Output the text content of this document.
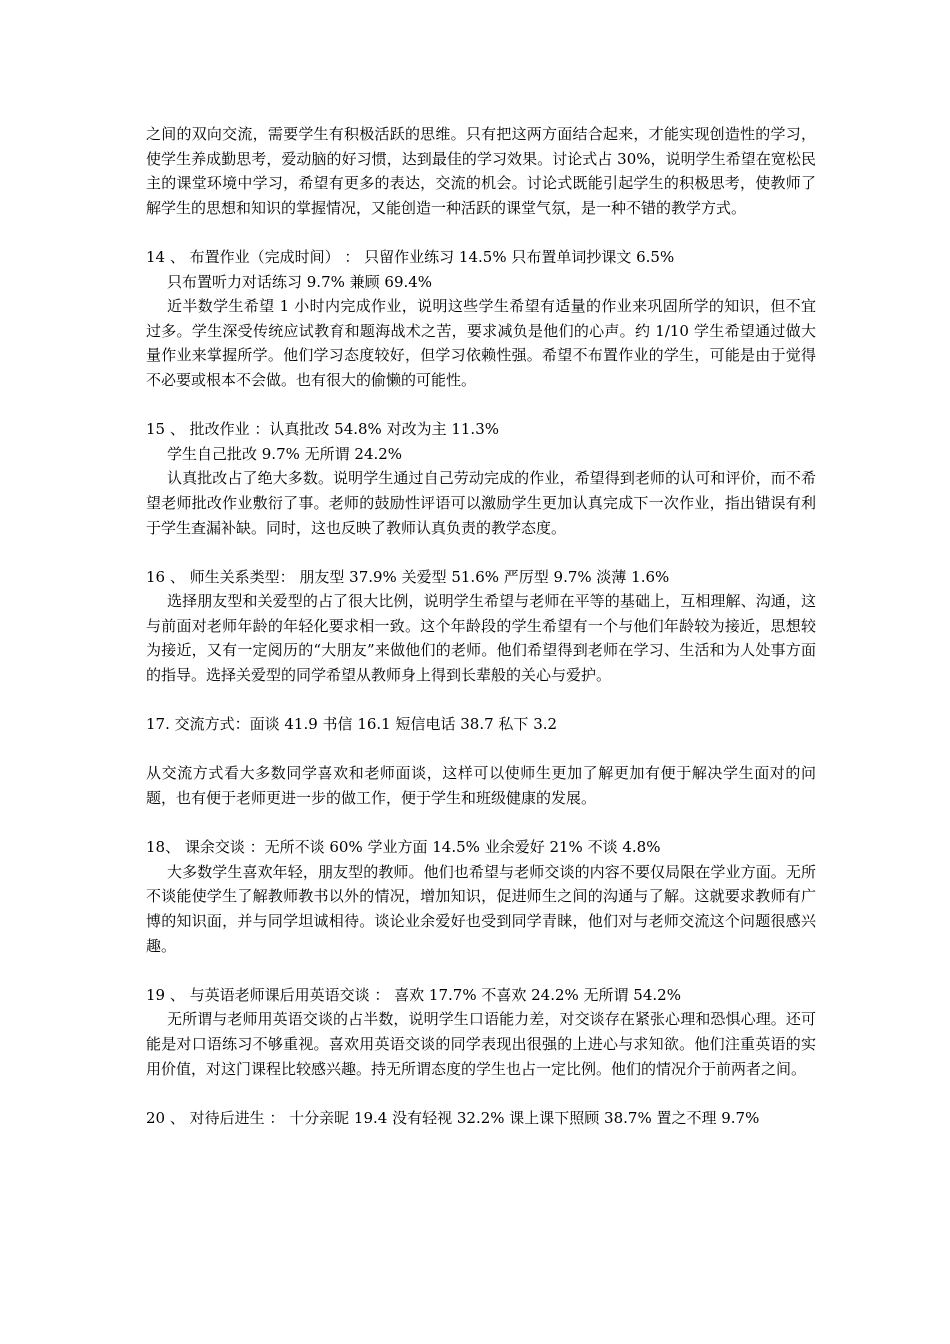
之间的双向交流，需要学生有积极活跃的思维。只有把这两方面结合起来，才能实现创造性的学习，使学生养成勤思考，爱动脑的好习惯，达到最佳的学习效果。讨论式占 30%，说明学生希望在宽松民主的课堂环境中学习，希望有更多的表达，交流的机会。讨论式既能引起学生的积极思考，使教师了解学生的思想和知识的掌握情况，又能创造一种活跃的课堂气氛，是一种不错的教学方式。

14 、 布置作业（完成时间） ： 只留作业练习 14.5% 只布置单词抄课文 6.5%

只布置听力对话练习 9.7% 兼顾 69.4%

近半数学生希望 1 小时内完成作业，说明这些学生希望有适量的作业来巩固所学的知识，但不宜过多。学生深受传统应试教育和题海战术之苦，要求减负是他们的心声。约 1/10 学生希望通过做大量作业来掌握所学。他们学习态度较好，但学习依赖性强。希望不布置作业的学生，可能是由于觉得不必要或根本不会做。也有很大的偷懒的可能性。

15 、 批改作业 ：认真批改 54.8% 对改为主 11.3%

学生自己批改 9.7% 无所谓 24.2%

认真批改占了绝大多数。说明学生通过自己劳动完成的作业，希望得到老师的认可和评价，而不希望老师批改作业敷衍了事。老师的鼓励性评语可以激励学生更加认真完成下一次作业，指出错误有利于学生查漏补缺。同时，这也反映了教师认真负责的教学态度。

16 、 师生关系类型： 朋友型 37.9% 关爱型 51.6% 严厉型 9.7% 淡薄 1.6%

选择朋友型和关爱型的占了很大比例，说明学生希望与老师在平等的基础上，互相理解、沟通，这与前面对老师年龄的年轻化要求相一致。这个年龄段的学生希望有一个与他们年龄较为接近，思想较为接近，又有一定阅历的“大朋友”来做他们的老师。他们希望得到老师在学习、生活和为人处事方面的指导。选择关爱型的同学希望从教师身上得到长辈般的关心与爱护。

17. 交流方式：面谈 41.9 书信 16.1 短信电话 38.7 私下 3.2

从交流方式看大多数同学喜欢和老师面谈，这样可以使师生更加了解更加有便于解决学生面对的问题，也有便于老师更进一步的做工作，便于学生和班级健康的发展。

18、 课余交谈 ：无所不谈 60% 学业方面 14.5% 业余爱好 21% 不谈 4.8%

大多数学生喜欢年轻，朋友型的教师。他们也希望与老师交谈的内容不要仅局限在学业方面。无所不谈能使学生了解教师教书以外的情况，增加知识，促进师生之间的沟通与了解。这就要求教师有广博的知识面，并与同学坦诚相待。谈论业余爱好也受到同学青睐，他们对与老师交流这个问题很感兴趣。

19 、 与英语老师课后用英语交谈 ： 喜欢 17.7% 不喜欢 24.2% 无所谓 54.2%

无所谓与老师用英语交谈的占半数，说明学生口语能力差，对交谈存在紧张心理和恐惧心理。还可能是对口语练习不够重视。喜欢用英语交谈的同学表现出很强的上进心与求知欲。他们注重英语的实用价值，对这门课程比较感兴趣。持无所谓态度的学生也占一定比例。他们的情况介于前两者之间。

20 、 对待后进生 ： 十分亲昵 19.4 没有轻视 32.2% 课上课下照顾 38.7% 置之不理 9.7%
